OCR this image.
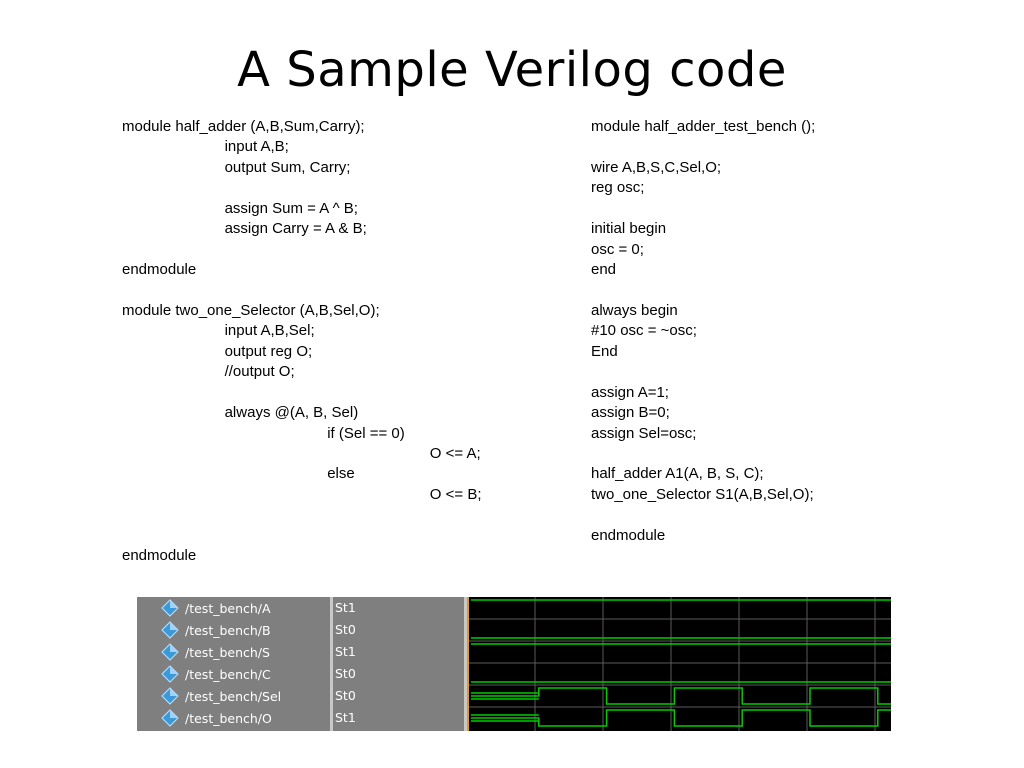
A Sample Verilog code
module half_adder (A,B,Sum,Carry);
input A,B;
output Sum, Carry;
assign Sum = A ^ B;
assign Carry = A & B;
endmodule
module two_one_Selector (A,B,Sel,O);
input A,B,Sel;
output reg O;
//output O;
always @(A, B, Sel)
if (Sel == 0)
O <= A;
else
O <= B;
endmodule
module half_adder_test_bench ();
wire A,B,S,C,Sel,O;
reg osc;
initial begin
osc = 0;
end
always begin
#10 osc = ~osc;
End
assign A=1;
assign B=0;
assign Sel=osc;
half_adder A1(A, B, S, C);
two_one_Selector S1(A,B,Sel,O);
endmodule
/test_bench/A
/test_bench/B
/test_bench/S
/test_bench/C
/test_bench/Sel
/test_bench/O
St1
St0
St1
St0
St0
St1
